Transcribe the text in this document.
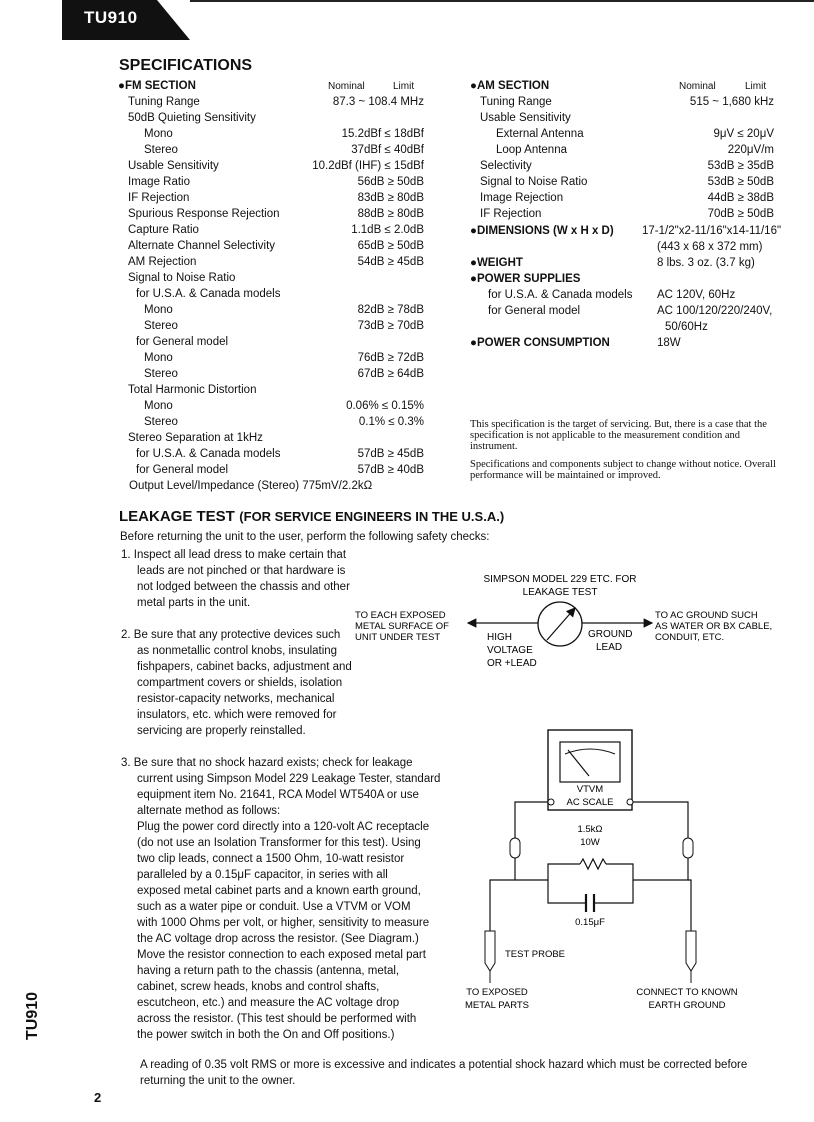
TU910
SPECIFICATIONS
●FM SECTION	Nominal	Limit
Tuning Range	87.3 ~ 108.4 MHz
50dB Quieting Sensitivity
Mono	15.2dBf ≤ 18dBf
Stereo	37dBf ≤ 40dBf
Usable Sensitivity	10.2dBf (IHF) ≤ 15dBf
Image Ratio	56dB ≥ 50dB
IF Rejection	83dB ≥ 80dB
Spurious Response Rejection	88dB ≥ 80dB
Capture Ratio	1.1dB ≤ 2.0dB
Alternate Channel Selectivity	65dB ≥ 50dB
AM Rejection	54dB ≥ 45dB
Signal to Noise Ratio
for U.S.A. & Canada models
Mono	82dB ≥ 78dB
Stereo	73dB ≥ 70dB
for General model
Mono	76dB ≥ 72dB
Stereo	67dB ≥ 64dB
Total Harmonic Distortion
Mono	0.06% ≤ 0.15%
Stereo	0.1% ≤ 0.3%
Stereo Separation at 1kHz
for U.S.A. & Canada models	57dB ≥ 45dB
for General model	57dB ≥ 40dB
Output Level/Impedance (Stereo) 775mV/2.2kΩ
●AM SECTION	Nominal	Limit
Tuning Range	515 ~ 1,680 kHz
Usable Sensitivity
External Antenna	9μV ≤ 20μV
Loop Antenna	220μV/m
Selectivity	53dB ≥ 35dB
Signal to Noise Ratio	53dB ≥ 50dB
Image Rejection	44dB ≥ 38dB
IF Rejection	70dB ≥ 50dB
●DIMENSIONS (W x H x D) 17-1/2"x2-11/16"x14-11/16"
(443 x 68 x 372 mm)
●WEIGHT	8 lbs. 3 oz. (3.7 kg)
●POWER SUPPLIES
for U.S.A. & Canada models AC 120V, 60Hz
for General model	AC 100/120/220/240V,
50/60Hz
●POWER CONSUMPTION	18W
This specification is the target of servicing. But, there is a case that the specification is not applicable to the measurement condition and instrument.
Specifications and components subject to change without notice. Overall performance will be maintained or improved.
LEAKAGE TEST (FOR SERVICE ENGINEERS IN THE U.S.A.)
Before returning the unit to the user, perform the following safety checks:
1. Inspect all lead dress to make certain that leads are not pinched or that hardware is not lodged between the chassis and other metal parts in the unit.
2. Be sure that any protective devices such as nonmetallic control knobs, insulating fishpapers, cabinet backs, adjustment and compartment covers or shields, isolation resistor-capacity networks, mechanical insulators, etc. which were removed for servicing are properly reinstalled.
3. Be sure that no shock hazard exists; check for leakage current using Simpson Model 229 Leakage Tester, standard equipment item No. 21641, RCA Model WT540A or use alternate method as follows:
Plug the power cord directly into a 120-volt AC receptacle (do not use an Isolation Transformer for this test). Using two clip leads, connect a 1500 Ohm, 10-watt resistor paralleled by a 0.15μF capacitor, in series with all exposed metal cabinet parts and a known earth ground, such as a water pipe or conduit. Use a VTVM or VOM with 1000 Ohms per volt, or higher, sensitivity to measure the AC voltage drop across the resistor. (See Diagram.) Move the resistor connection to each exposed metal part having a return path to the chassis (antenna, metal, cabinet, screw heads, knobs and control shafts, escutcheon, etc.) and measure the AC voltage drop across the resistor. (This test should be performed with the power switch in both the On and Off positions.)
A reading of 0.35 volt RMS or more is excessive and indicates a potential shock hazard which must be corrected before returning the unit to the owner.
SIMPSON MODEL 229 ETC. FOR
LEAKAGE TEST
TO EACH EXPOSED
METAL SURFACE OF
UNIT UNDER TEST
TO AC GROUND SUCH
AS WATER OR BX CABLE,
CONDUIT, ETC.
HIGH
VOLTAGE
OR +LEAD
GROUND
LEAD
VTVM
AC SCALE
1.5kΩ
10W
0.15μF
TEST PROBE
TO EXPOSED
METAL PARTS
CONNECT TO KNOWN
EARTH GROUND
2
TU910
